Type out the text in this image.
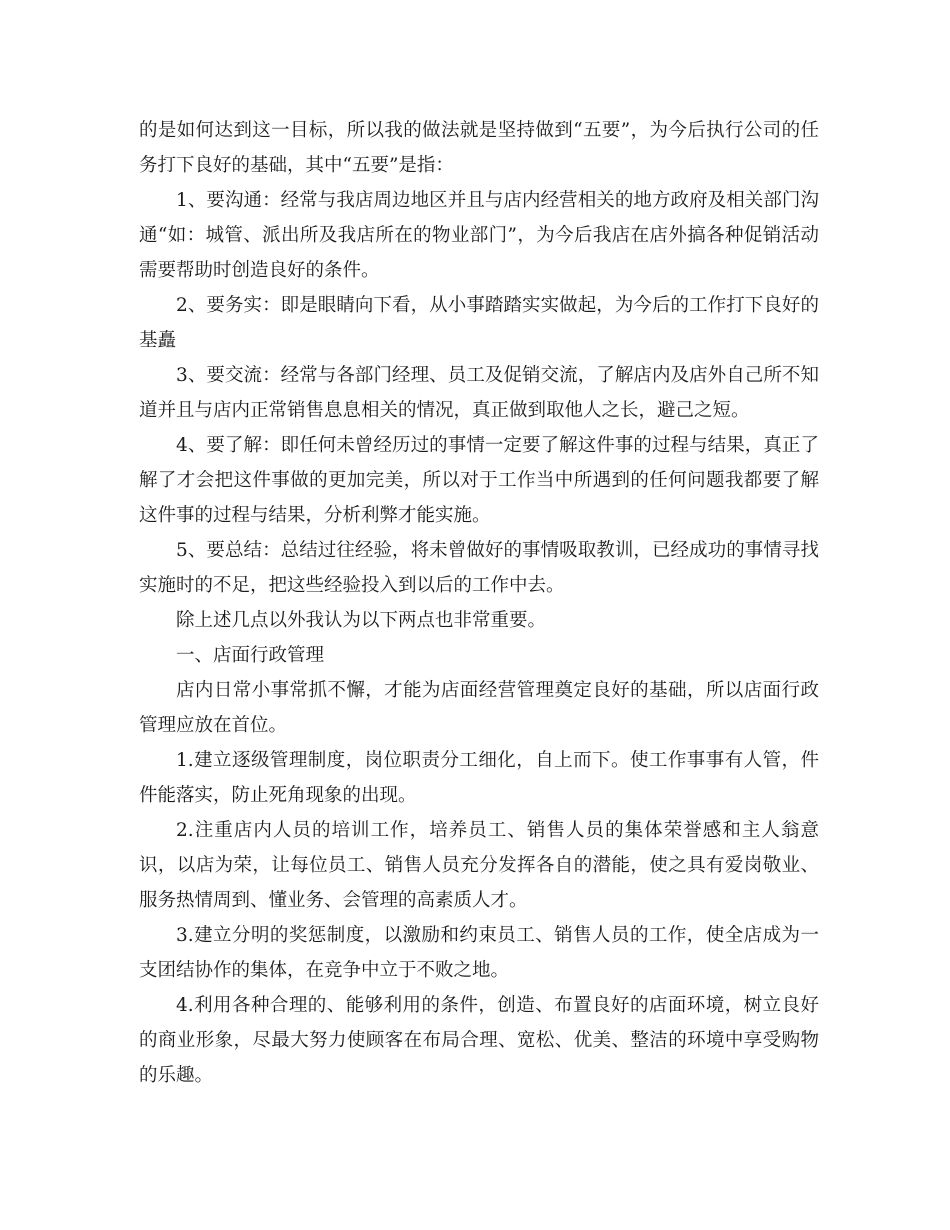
的是如何达到这一目标，所以我的做法就是坚持做到“五要”，为今后执行公司的任务打下良好的基础，其中“五要”是指：

1、要沟通：经常与我店周边地区并且与店内经营相关的地方政府及相关部门沟通“如：城管、派出所及我店所在的物业部门”，为今后我店在店外搞各种促销活动需要帮助时创造良好的条件。

2、要务实：即是眼睛向下看，从小事踏踏实实做起，为今后的工作打下良好的基矗

3、要交流：经常与各部门经理、员工及促销交流，了解店内及店外自己所不知道并且与店内正常销售息息相关的情况，真正做到取他人之长，避己之短。

4、要了解：即任何未曾经历过的事情一定要了解这件事的过程与结果，真正了解了才会把这件事做的更加完美，所以对于工作当中所遇到的任何问题我都要了解这件事的过程与结果，分析利弊才能实施。

5、要总结：总结过往经验，将未曾做好的事情吸取教训，已经成功的事情寻找实施时的不足，把这些经验投入到以后的工作中去。

除上述几点以外我认为以下两点也非常重要。

一、店面行政管理

店内日常小事常抓不懈，才能为店面经营管理奠定良好的基础，所以店面行政管理应放在首位。

1.建立逐级管理制度，岗位职责分工细化，自上而下。使工作事事有人管，件件能落实，防止死角现象的出现。

2.注重店内人员的培训工作，培养员工、销售人员的集体荣誉感和主人翁意识，以店为荣，让每位员工、销售人员充分发挥各自的潜能，使之具有爱岗敬业、服务热情周到、懂业务、会管理的高素质人才。

3.建立分明的奖惩制度，以激励和约束员工、销售人员的工作，使全店成为一支团结协作的集体，在竞争中立于不败之地。

4.利用各种合理的、能够利用的条件，创造、布置良好的店面环境，树立良好的商业形象，尽最大努力使顾客在布局合理、宽松、优美、整洁的环境中享受购物的乐趣。
